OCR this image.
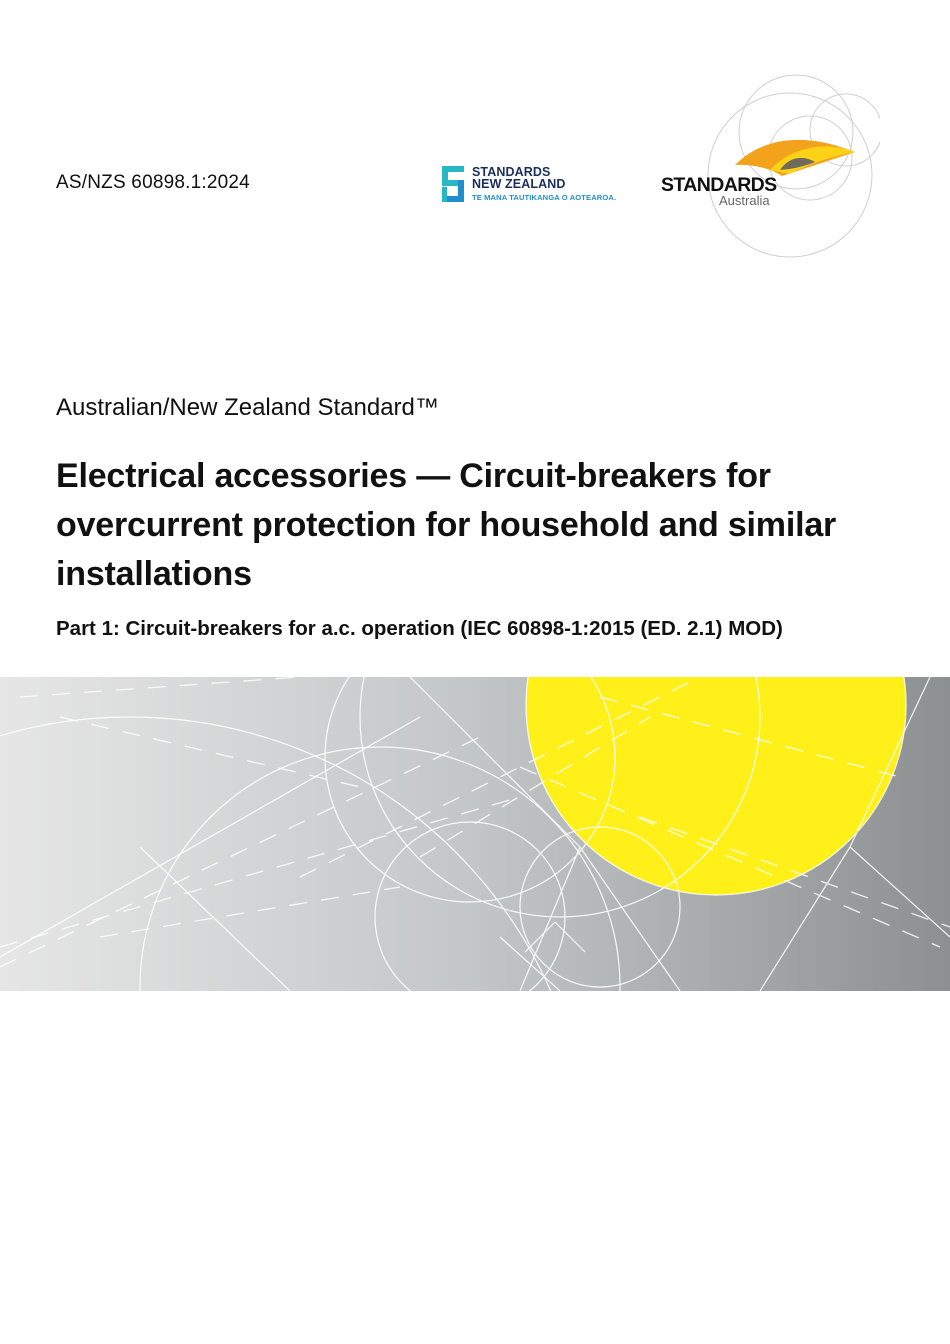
AS/NZS 60898.1:2024	STANDARDS
NEW ZEALAND
TE MANA TAUTIKANGA O AOTEAROA.
STANDARDS
Australia
Australian/New Zealand Standard™
Electrical accessories — Circuit-breakers for overcurrent protection for household and similar installations
Part 1: Circuit-breakers for a.c. operation (IEC 60898-1:2015 (ED. 2.1) MOD)
